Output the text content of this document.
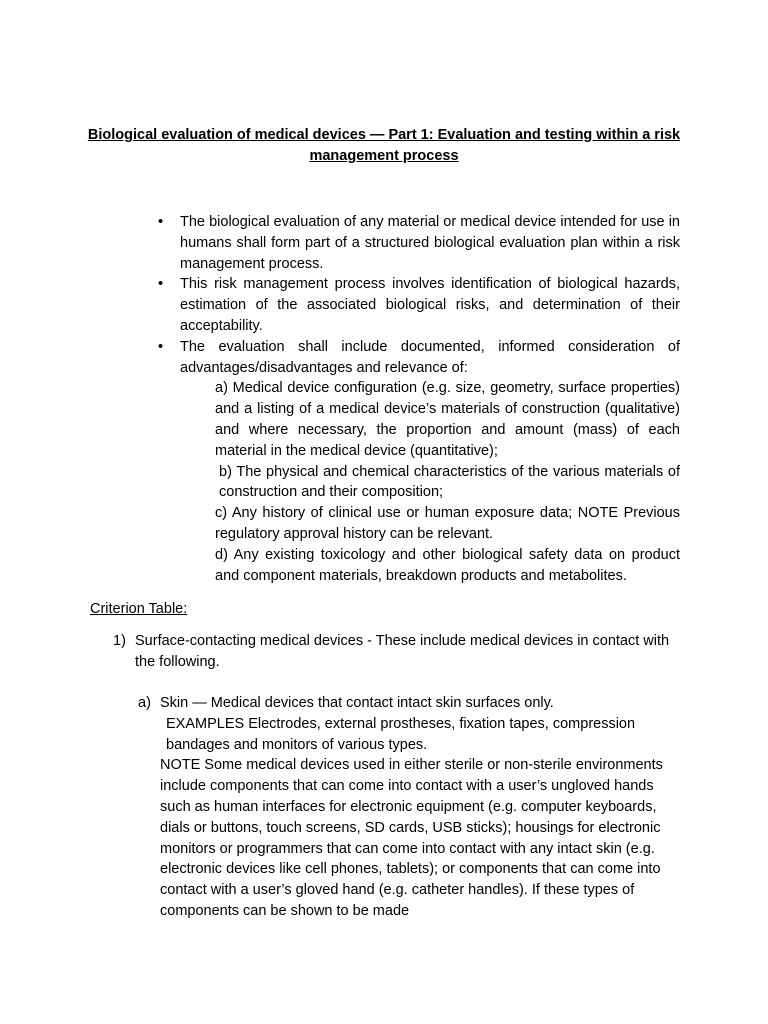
Biological evaluation of medical devices — Part 1: Evaluation and testing within a risk management process
• The biological evaluation of any material or medical device intended for use in humans shall form part of a structured biological evaluation plan within a risk management process.
• This risk management process involves identification of biological hazards, estimation of the associated biological risks, and determination of their acceptability.
• The evaluation shall include documented, informed consideration of advantages/disadvantages and relevance of:
a) Medical device configuration (e.g. size, geometry, surface properties) and a listing of a medical device’s materials of construction (qualitative) and where necessary, the proportion and amount (mass) of each material in the medical device (quantitative);
b) The physical and chemical characteristics of the various materials of construction and their composition;
c) Any history of clinical use or human exposure data; NOTE Previous regulatory approval history can be relevant.
d) Any existing toxicology and other biological safety data on product and component materials, breakdown products and metabolites.
Criterion Table:
1) Surface-contacting medical devices - These include medical devices in contact with the following.
a) Skin — Medical devices that contact intact skin surfaces only.

EXAMPLES Electrodes, external prostheses, fixation tapes, compression bandages and monitors of various types.

NOTE Some medical devices used in either sterile or non-sterile environments include components that can come into contact with a user’s ungloved hands such as human interfaces for electronic equipment (e.g. computer keyboards, dials or buttons, touch screens, SD cards, USB sticks); housings for electronic monitors or programmers that can come into contact with any intact skin (e.g. electronic devices like cell phones, tablets); or components that can come into contact with a user’s gloved hand (e.g. catheter handles). If these types of components can be shown to be made
